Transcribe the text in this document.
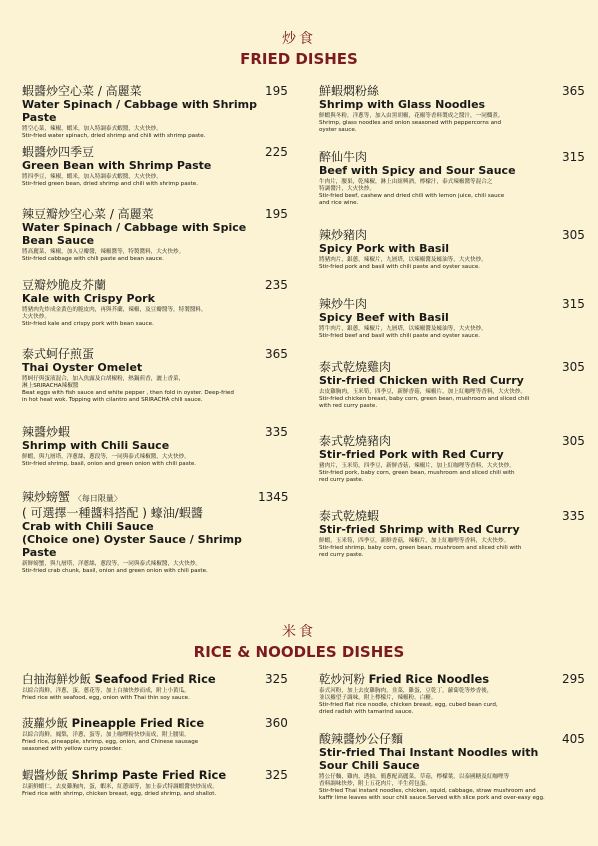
炒食
FRIED DISHES
蝦醬炒空心菜 / 高麗菜
Water Spinach / Cabbage with Shrimp Paste
將空心菜，辣椒，蝦米，加入特調泰式蝦醬，大火快炒。
Stir-fried water spinach, dried shrimp and chili with shrimp paste.
195
蝦醬炒四季豆
Green Bean with Shrimp Paste
將四季豆，辣椒，蝦米，加入特調泰式蝦醬，大火快炒。
Stir-fried green bean, dried shrimp and chili with shrimp paste.
225
辣豆瓣炒空心菜 / 高麗菜
Water Spinach / Cabbage with Spice
Bean Sauce
將高麗菜，辣椒，加入豆瓣醬，辣椒醬等，特製醬料，大火快炒。
Stir-fried cabbage with chili paste and bean sauce.
195
豆瓣炒脆皮芥蘭
Kale with Crispy Pork
將豬肉先炸成金黃色的脆皮肉，再與芥蘭，辣椒，及豆瓣醬等，特製醬料，
大火快炒。
Stir-fried kale and crispy pork with bean sauce.
235
泰式蚵仔煎蛋
Thai Oyster Omelet
將蚵仔與蛋液混合，加入魚露及白胡椒粉，熱鍋煎香，灑上香菜，
淋上SRIRACHA辣椒醬
Beat eggs with fish sauce and white pepper , then fold in oyster. Deep-fried
in hot heat wok. Topping with cilantro and SRIRACHA chili sauce.
365
辣醬炒蝦
Shrimp with Chili Sauce
鮮蝦，與九層塔，洋蔥絲，蔥段等，一同與泰式辣椒醬，大火快炒。
Stir-fried shrimp, basil, onion and green onion with chili paste.
335
辣炒螃蟹 〈每日限量〉
( 可選擇一種醬料搭配 ) 蠔油/蝦醬
Crab with Chili Sauce
(Choice one) Oyster Sauce / Shrimp Paste
新鮮螃蟹，與九層塔，洋蔥絲，蔥段等，一同與泰式辣椒醬，大火快炒。
Stir-fried crab chunk, basil, onion and green onion with chili paste.
1345
鮮蝦燜粉絲
Shrimp with Glass Noodles
鮮蝦與冬粉，洋蔥等，加入由黑胡椒，花椒等香料製成之醬汁，一同燜煮。
Shrimp, glass noodles and onion seasoned with peppercorns and
oyster sauce.
365
醉仙牛肉
Beef with Spicy and Sour Sauce
牛肉片，腰果，乾辣椒，淋上由紐興酒，檸檬汁，泰式辣椒醬等混合之
特調醬汁，大火快炒。
Stir-fried beef, cashew and dried chili with lemon juice, chili sauce
and rice wine.
315
辣炒豬肉
Spicy Pork with Basil
將豬肉片，銀蔥，辣椒片，九層塔，以辣椒醬及蠔油等，大火快炒。
Stir-fried pork and basil with chili paste and oyster sauce.
305
辣炒牛肉
Spicy Beef with Basil
將牛肉片，銀蔥，辣椒片，九層塔，以辣椒醬及蠔油等，大火快炒。
Stir-fried beef and basil with chili paste and oyster sauce.
315
泰式乾燒雞肉
Stir-fried Chicken with Red Curry
去皮雞胸肉，玉米筍，四季豆，新鮮香菇，辣椒片，加上紅咖哩等香料，大火快炒。
Stir-fried chicken breast, baby corn, green bean, mushroom and sliced chili
with red curry paste.
305
泰式乾燒豬肉
Stir-fried Pork with Red Curry
豬肉片，玉米筍，四季豆，新鮮香菇，辣椒片，加上紅咖哩等香料，大火快炒。
Stir-fried pork, baby corn, green bean, mushroom and sliced chili with
red curry paste.
305
泰式乾燒蝦
Stir-fried Shrimp with Red Curry
鮮蝦，玉米筍，四季豆，新鮮香菇，辣椒片，加上紅咖哩等香料，大火快炒。
Stir-fried shrimp, baby corn, green bean, mushroom and sliced chili with
red curry paste.
335
米食
RICE & NOODLES DISHES
白抽海鮮炒飯 Seafood Fried Rice
以綜合海鮮，洋蔥，蛋，蔥花等，加上白抽快炒而成，附上小黃瓜。
Fried rice with seafood, egg, onion with Thai thin soy sauce.
325
菠蘿炒飯 Pineapple Fried Rice
以綜合海鮮，鳳梨，洋蔥，蛋等，加上咖哩粉快炒而成，附上腰果。
Fried rice, pineapple, shrimp, egg, onion, and Chinese sausage
seasoned with yellow curry powder.
360
蝦醬炒飯 Shrimp Paste Fried Rice
以新鮮蝦仁，去皮雞胸肉，蛋，蝦米，紅蔥頭等，加上泰式特調蝦醬快炒而成。
Fried rice with shrimp, chicken breast, egg, dried shrimp, and shallot.
325
乾炒河粉 Fried Rice Noodles
泰式河粉，加上去皮雞胸肉，韭菜，雞蛋，豆乾丁，蘿蔔乾等炒香後，
並以羅望子調味，附上檸檬片，辣椒粉，白糖。
Stir-fried flat rice noodle, chicken breast, egg, cubed bean curd,
dried radish with tamarind sauce.
295
酸辣醬炒公仔麵
Stir-fried Thai Instant Noodles with
Sour Chili Sauce
將公仔麵，雞肉，透抽，簡蔥配高麗菜，草菇，檸檬葉，以泰國糖及紅咖哩等
香料調味快炒，附上五花肉片，半生荷包蛋。
Stir-fried Thai instant noodles, chicken, squid, cabbage, straw mushroom and
kaffir lime leaves with sour chili sauce.Served with slice pork and over-easy egg.
405
